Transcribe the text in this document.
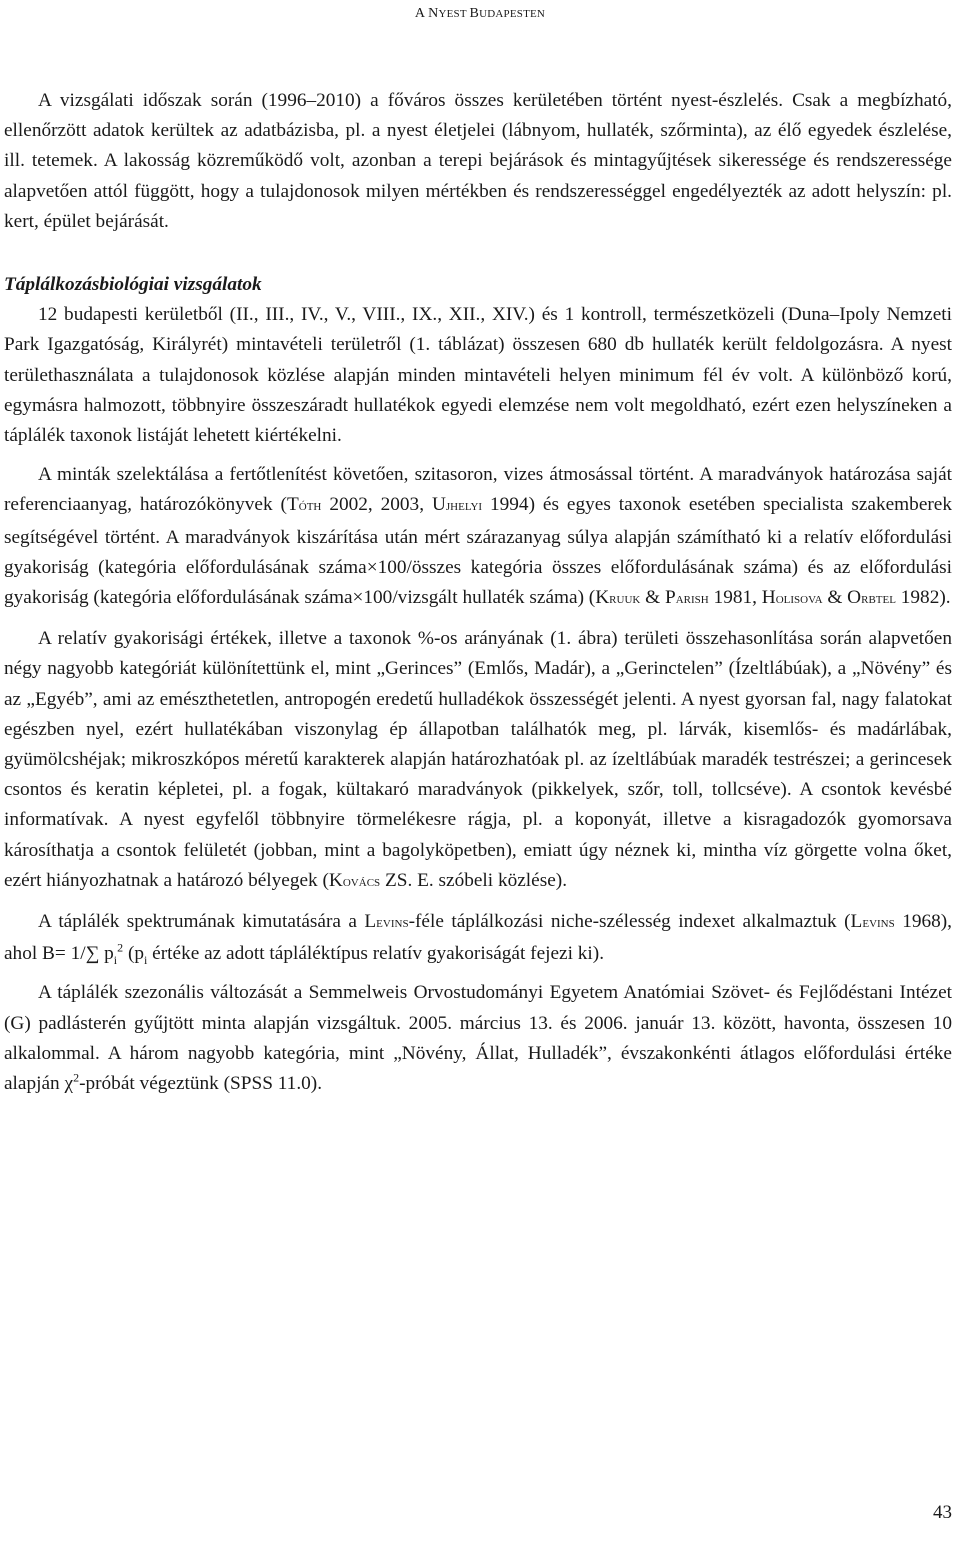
A NYEST BUDAPESTEN

A vizsgálati időszak során (1996–2010) a főváros összes kerületében történt nyest-észlelés. Csak a megbízható, ellenőrzött adatok kerültek az adatbázisba, pl. a nyest életjelei (lábnyom, hullaték, szőrminta), az élő egyedek észlelése, ill. tetemek. A lakosság közreműködő volt, azonban a terepi bejárások és mintagyűjtések sikeressége és rendszeressége alapvetően attól függött, hogy a tulajdonosok milyen mértékben és rendszerességgel engedélyezték az adott helyszín: pl. kert, épület bejárását.

Táplálkozásbiológiai vizsgálatok

12 budapesti kerületből (II., III., IV., V., VIII., IX., XII., XIV.) és 1 kontroll, természetközeli (Duna–Ipoly Nemzeti Park Igazgatóság, Királyrét) mintavételi területről (1. táblázat) összesen 680 db hullaték került feldolgozásra. A nyest területhasználata a tulajdonosok közlése alapján minden mintavételi helyen minimum fél év volt. A különböző korú, egymásra halmozott, többnyire összeszáradt hullatékok egyedi elemzése nem volt megoldható, ezért ezen helyszíneken a táplálék taxonok listáját lehetett kiértékelni.

A minták szelektálása a fertőtlenítést követően, szitasoron, vizes átmosással történt. A maradványok határozása saját referenciaanyag, határozókönyvek (TÓTH 2002, 2003, UJHELYI 1994) és egyes taxonok esetében specialista szakemberek segítségével történt. A maradványok kiszárítása után mért szárazanyag súlya alapján számítható ki a relatív előfordulási gyakoriság (kategória előfordulásának száma×100/összes kategória összes előfordulásának száma) és az előfordulási gyakoriság (kategória előfordulásának száma×100/vizsgált hullaték száma) (KRUUK & PARISH 1981, HOLISOVA & ORBTEL 1982).

A relatív gyakorisági értékek, illetve a taxonok %-os arányának (1. ábra) területi összehasonlítása során alapvetően négy nagyobb kategóriát különítettünk el, mint „Gerinces” (Emlős, Madár), a „Gerinctelen” (Ízeltlábúak), a „Növény” és az „Egyéb”, ami az emészthetetlen, antropogén eredetű hulladékok összességét jelenti. A nyest gyorsan fal, nagy falatokat egészben nyel, ezért hullatékában viszonylag ép állapotban találhatók meg, pl. lárvák, kisemlős- és madárlábak, gyümölcshéjak; mikroszkópos méretű karakterek alapján határozhatóak pl. az ízeltlábúak maradék testrészei; a gerincesek csontos és keratin képletei, pl. a fogak, kültakaró maradványok (pikkelyek, szőr, toll, tollcséve). A csontok kevésbé informatívak. A nyest egyfelől többnyire törmelékesre rágja, pl. a koponyát, illetve a kisragadozók gyomorsava károsíthatja a csontok felületét (jobban, mint a bagolyköpetben), emiatt úgy néznek ki, mintha víz görgette volna őket, ezért hiányozhatnak a határozó bélyegek (KOVÁCS ZS. E. szóbeli közlése).

A táplálék spektrumának kimutatására a LEVINS-féle táplálkozási niche-szélesség indexet alkalmaztuk (LEVINS 1968), ahol B= 1/∑ $p_i^2$ ($p_i$ értéke az adott tápláléktípus relatív gyakoriságát fejezi ki).

A táplálék szezonális változását a Semmelweis Orvostudományi Egyetem Anatómiai Szövet- és Fejlődéstani Intézet (G) padlásterén gyűjtött minta alapján vizsgáltuk. 2005. március 13. és 2006. január 13. között, havonta, összesen 10 alkalommal. A három nagyobb kategória, mint „Növény, Állat, Hulladék”, évszakonkénti átlagos előfordulási értéke alapján $\chi^2$-próbát végeztünk (SPSS 11.0).

43
